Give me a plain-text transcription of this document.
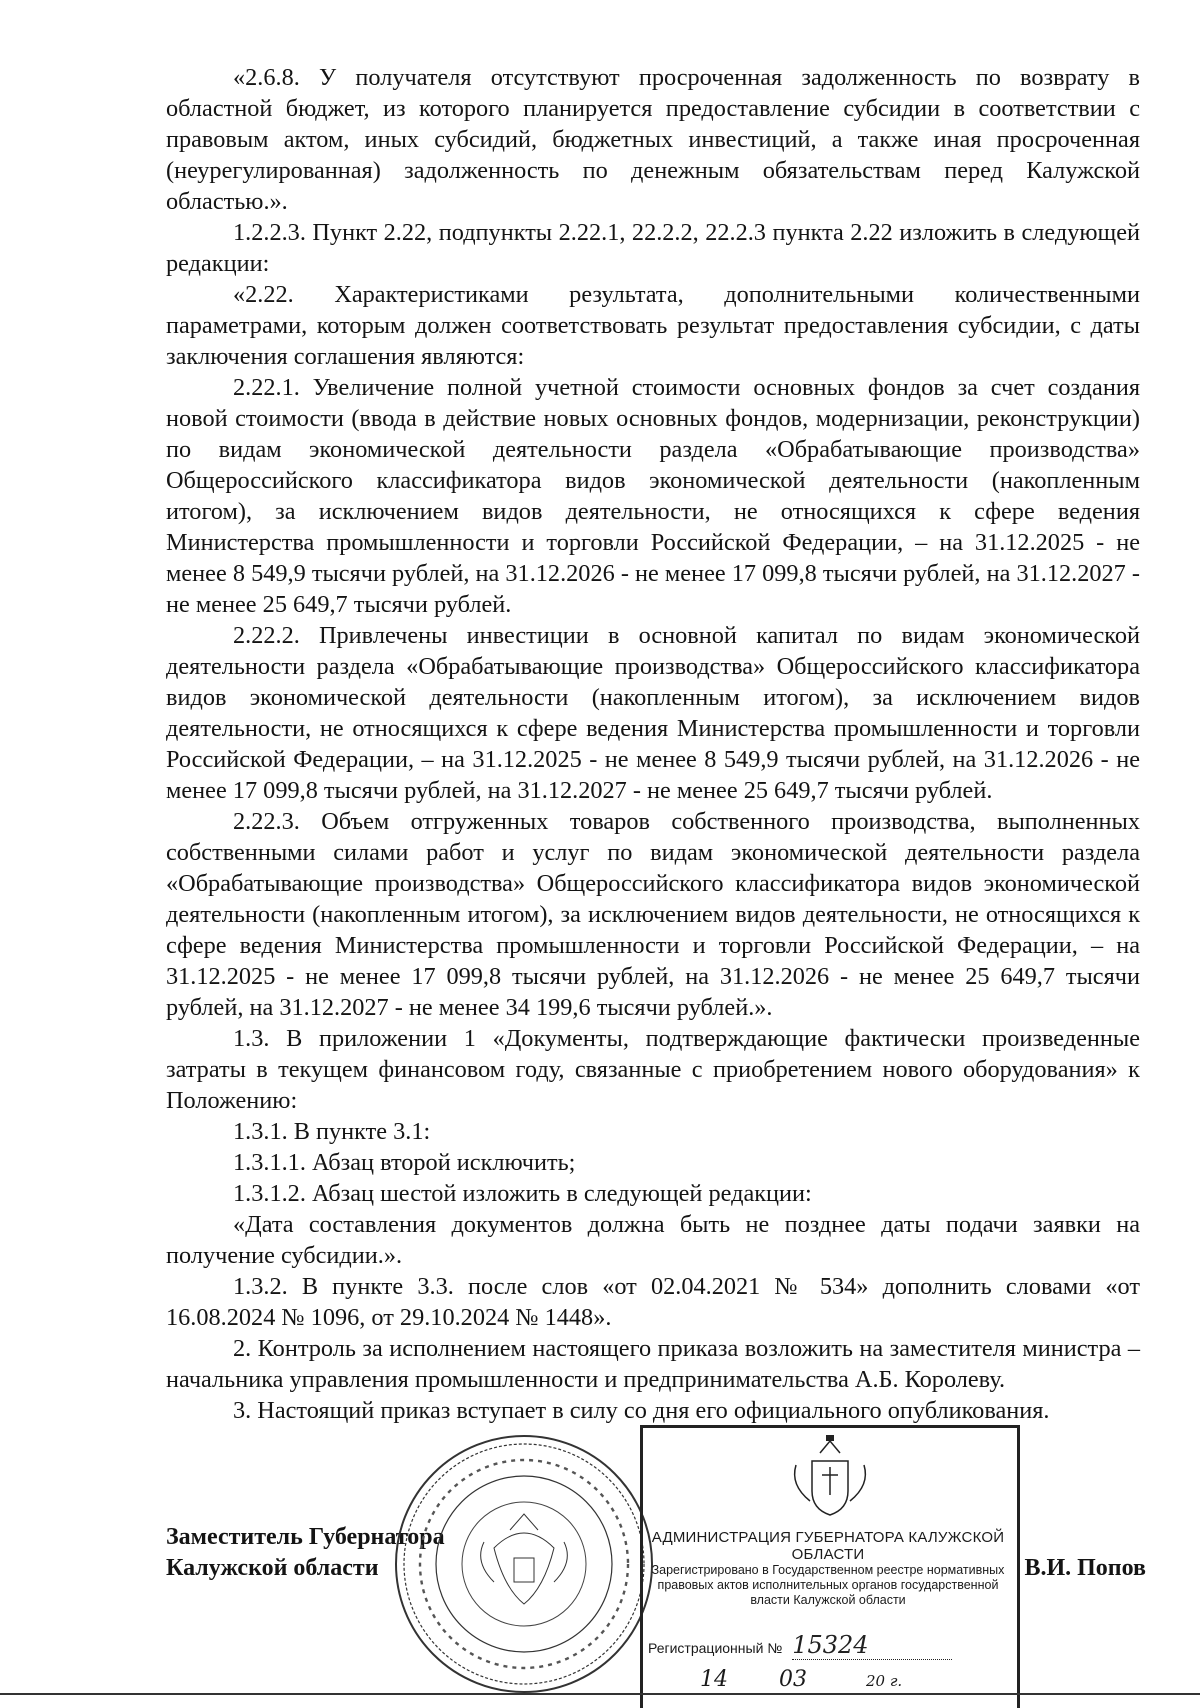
«2.6.8. У получателя отсутствуют просроченная задолженность по возврату в областной бюджет, из которого планируется предоставление субсидии в соответствии с правовым актом, иных субсидий, бюджетных инвестиций, а также иная просроченная (неурегулированная) задолженность по денежным обязательствам перед Калужской областью.».

1.2.2.3. Пункт 2.22, подпункты 2.22.1, 22.2.2, 22.2.3 пункта 2.22 изложить в следующей редакции:

«2.22. Характеристиками результата, дополнительными количественными параметрами, которым должен соответствовать результат предоставления субсидии, с даты заключения соглашения являются:

2.22.1. Увеличение полной учетной стоимости основных фондов за счет создания новой стоимости (ввода в действие новых основных фондов, модернизации, реконструкции) по видам экономической деятельности раздела «Обрабатывающие производства» Общероссийского классификатора видов экономической деятельности (накопленным итогом), за исключением видов деятельности, не относящихся к сфере ведения Министерства промышленности и торговли Российской Федерации, – на 31.12.2025 - не менее 8 549,9 тысячи рублей, на 31.12.2026 - не менее 17 099,8 тысячи рублей, на 31.12.2027 - не менее 25 649,7 тысячи рублей.

2.22.2. Привлечены инвестиции в основной капитал по видам экономической деятельности раздела «Обрабатывающие производства» Общероссийского классификатора видов экономической деятельности (накопленным итогом), за исключением видов деятельности, не относящихся к сфере ведения Министерства промышленности и торговли Российской Федерации, – на 31.12.2025 - не менее 8 549,9 тысячи рублей, на 31.12.2026 - не менее 17 099,8 тысячи рублей, на 31.12.2027 - не менее 25 649,7 тысячи рублей.

2.22.3. Объем отгруженных товаров собственного производства, выполненных собственными силами работ и услуг по видам экономической деятельности раздела «Обрабатывающие производства» Общероссийского классификатора видов экономической деятельности (накопленным итогом), за исключением видов деятельности, не относящихся к сфере ведения Министерства промышленности и торговли Российской Федерации, – на 31.12.2025 - не менее 17 099,8 тысячи рублей, на 31.12.2026 - не менее 25 649,7 тысячи рублей, на 31.12.2027 - не менее 34 199,6 тысячи рублей.».

1.3. В приложении 1 «Документы, подтверждающие фактически произведенные затраты в текущем финансовом году, связанные с приобретением нового оборудования» к Положению:

1.3.1. В пункте 3.1:

1.3.1.1. Абзац второй исключить;

1.3.1.2. Абзац шестой изложить в следующей редакции:

«Дата составления документов должна быть не позднее даты подачи заявки на получение субсидии.».

1.3.2. В пункте 3.3. после слов «от 02.04.2021 № 534» дополнить словами «от 16.08.2024 № 1096, от 29.10.2024 № 1448».

2. Контроль за исполнением настоящего приказа возложить на заместителя министра – начальника управления промышленности и предпринимательства А.Б. Королеву.

3. Настоящий приказ вступает в силу со дня его официального опубликования.

Заместитель Губернатора
Калужской области	В.И. Попов
АДМИНИСТРАЦИЯ ГУБЕРНАТОРА КАЛУЖСКОЙ ОБЛАСТИ
Зарегистрировано в Государственном реестре нормативных правовых актов исполнительных органов государственной власти Калужской области
Регистрационный № 15324
14 03	20 г.
